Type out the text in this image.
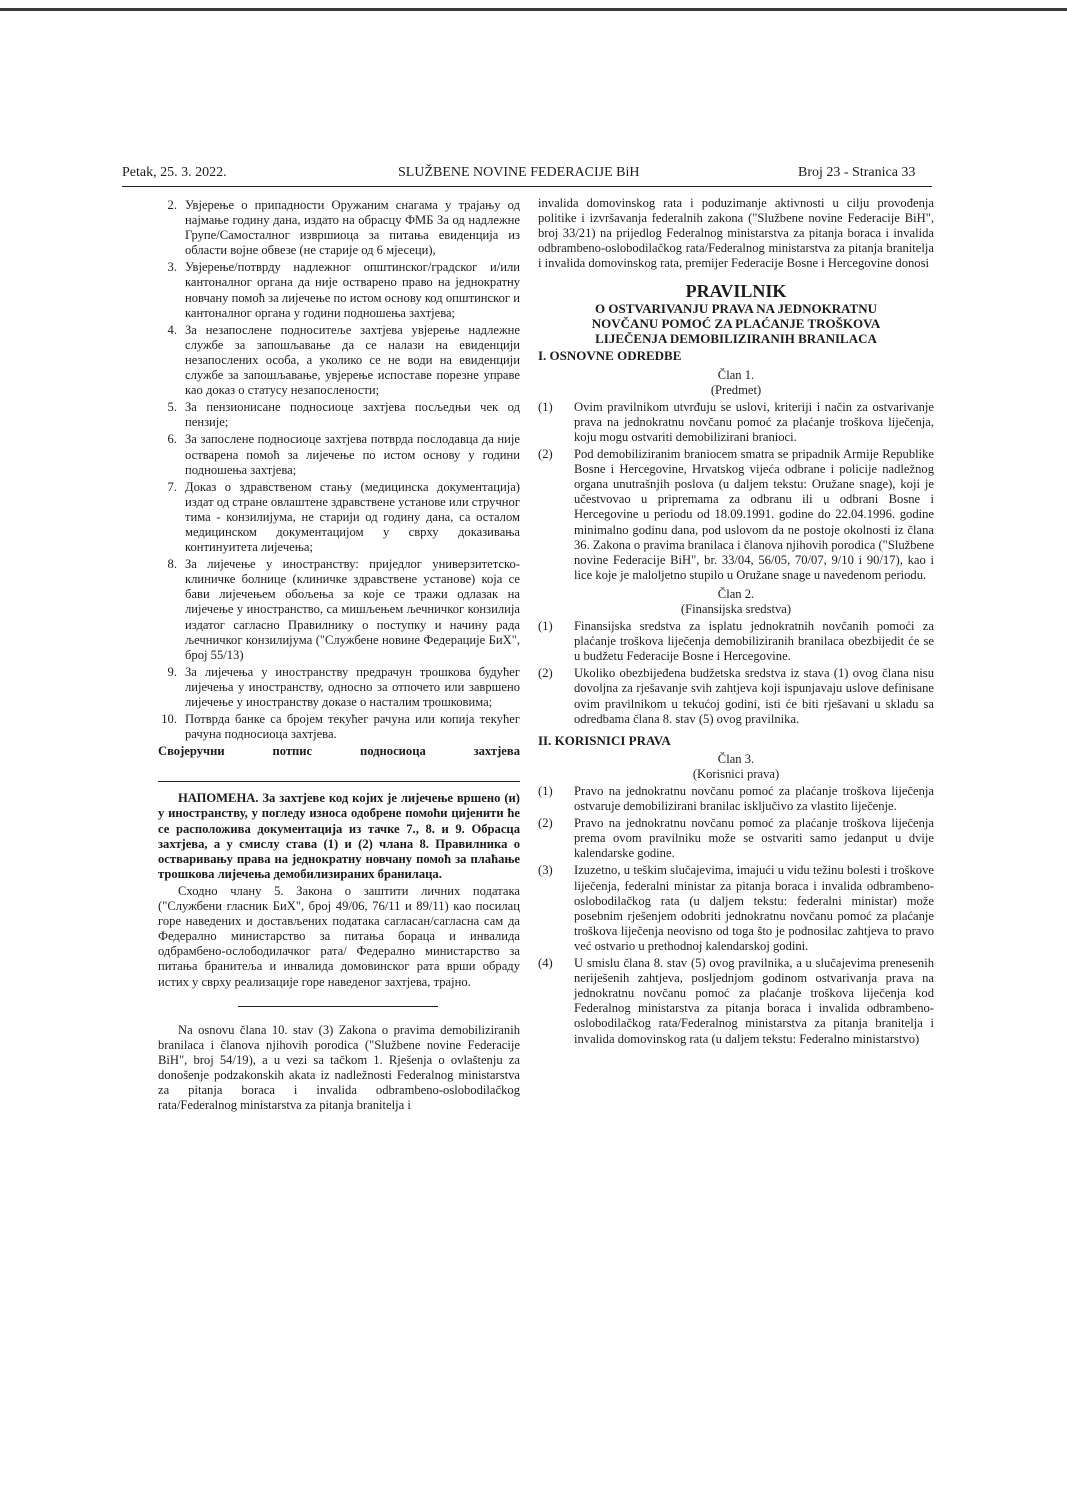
Petak, 25. 3. 2022.	SLUŽBENE NOVINE FEDERACIJE BiH	Broj 23 - Stranica 33
2. Увјерење о припадности Оружаним снагама у трајању од најмање годину дана, издато на обрасцу ФМБ За од надлежне Групе/Самосталног извршиоца за питања евиденција из области војне обвезе (не старије од 6 мјесеци),
3. Увјерење/потврду надлежног општинског/градског и/или кантоналног органа да није остварено право на једнократну новчану помоћ за лијечење по истом основу код општинског и кантоналног органа у години подношења захтјева;
4. За незапослене подноситеље захтјева увјерење надлежне службе за запошљавање да се налази на евиденцији незапослених особа, а уколико се не води на евиденцији службе за запошљавање, увјерење испоставе порезне управе као доказ о статусу незапослености;
5. За пензионисане подносиоце захтјева посљедњи чек од пензије;
6. За запослене подносиоце захтјева потврда послодавца да није остварена помоћ за лијечење по истом основу у години подношења захтјева;
7. Доказ о здравственом стању (медицинска документација) издат од стране овлаштене здравствене установе или стручног тима - конзилијума, не старији од годину дана, са осталом медицинском документацијом у сврху доказивања континуитета лијечења;
8. За лијечење у иностранству: приједлог универзитетско-клиничке болнице (клиничке здравствене установе) која се бави лијечењем обољења за које се тражи одлазак на лијечење у иностранство, са мишљењем љечничког конзилија издатог сагласно Правилнику о поступку и начину рада љечничког конзилијума ("Службене новине Федерације БиХ", број 55/13)
9. За лијечења у иностранству предрачун трошкова будућег лијечења у иностранству, односно за отпочето или завршено лијечење у иностранству доказе о насталим трошковима;
10. Потврда банке са бројем текућег рачуна или копија текућег рачуна подносиоца захтјева.
Својеручни	потпис	подносиоца	захтјева
НАПОМЕНА. За захтјеве код којих је лијечење вршено (и) у иностранству, у погледу износа одобрене помоћи цијенити ће се расположива документација из тачке 7., 8. и 9. Обрасца захтјева, а у смислу става (1) и (2) члана 8. Правилника о остваривању права на једнократну новчану помоћ за плаћање трошкова лијечења демобилизираних бранилаца.
Сходно члану 5. Закона о заштити личних података ("Службени гласник БиХ", број 49/06, 76/11 и 89/11) као посилац горе наведених и достављених података сагласан/сагласна сам да Федерално министарство за питања бораца и инвалида одбрамбено-ослободилачког рата/ Федерално министарство за питања бранитеља и инвалида домовинског рата врши обраду истих у сврху реализације горе наведеног захтјева, трајно.
Na osnovu člana 10. stav (3) Zakona o pravima demobiliziranih branilaca i članova njihovih porodica ("Službene novine Federacije BiH", broj 54/19), a u vezi sa tačkom 1. Rješenja o ovlaštenju za donošenje podzakonskih akata iz nadležnosti Federalnog ministarstva za pitanja boraca i invalida odbrambeno-oslobodilačkog rata/Federalnog ministarstva za pitanja branitelja i
invalida domovinskog rata i poduzimanje aktivnosti u cilju provođenja politike i izvršavanja federalnih zakona ("Službene novine Federacije BiH", broj 33/21) na prijedlog Federalnog ministarstva za pitanja boraca i invalida odbrambeno-oslobodilačkog rata/Federalnog ministarstva za pitanja branitelja i invalida domovinskog rata, premijer Federacije Bosne i Hercegovine donosi
PRAVILNIK
O OSTVARIVANJU PRAVA NA JEDNOKRATNU
NOVČANU POMOĆ ZA PLAĆANJE TROŠKOVA
LIJEČENJA DEMOBILIZIRANIH BRANILACA
I. OSNOVNE ODREDBE
Član 1.
(Predmet)
(1)	Ovim pravilnikom utvrđuju se uslovi, kriteriji i način za ostvarivanje prava na jednokratnu novčanu pomoć za plaćanje troškova liječenja, koju mogu ostvariti demobilizirani branioci.
(2)	Pod demobiliziranim braniocem smatra se pripadnik Armije Republike Bosne i Hercegovine, Hrvatskog vijeća odbrane i policije nadležnog organa unutrašnjih poslova (u daljem tekstu: Oružane snage), koji je učestvovao u pripremama za odbranu ili u odbrani Bosne i Hercegovine u periodu od 18.09.1991. godine do 22.04.1996. godine minimalno godinu dana, pod uslovom da ne postoje okolnosti iz člana 36. Zakona o pravima branilaca i članova njihovih porodica ("Službene novine Federacije BiH", br. 33/04, 56/05, 70/07, 9/10 i 90/17), kao i lice koje je maloljetno stupilo u Oružane snage u navedenom periodu.
Član 2.
(Finansijska sredstva)
(1)	Finansijska sredstva za isplatu jednokratnih novčanih pomoći za plaćanje troškova liječenja demobiliziranih branilaca obezbijedit će se u budžetu Federacije Bosne i Hercegovine.
(2)	Ukoliko obezbijeđena budžetska sredstva iz stava (1) ovog člana nisu dovoljna za rješavanje svih zahtjeva koji ispunjavaju uslove definisane ovim pravilnikom u tekućoj godini, isti će biti rješavani u skladu sa odredbama člana 8. stav (5) ovog pravilnika.
II. KORISNICI PRAVA
Član 3.
(Korisnici prava)
(1)	Pravo na jednokratnu novčanu pomoć za plaćanje troškova liječenja ostvaruje demobilizirani branilac isključivo za vlastito liječenje.
(2)	Pravo na jednokratnu novčanu pomoć za plaćanje troškova liječenja prema ovom pravilniku može se ostvariti samo jedanput u dvije kalendarske godine.
(3)	Izuzetno, u teškim slučajevima, imajući u vidu težinu bolesti i troškove liječenja, federalni ministar za pitanja boraca i invalida odbrambeno-oslobodilačkog rata (u daljem tekstu: federalni ministar) može posebnim rješenjem odobriti jednokratnu novčanu pomoć za plaćanje troškova liječenja neovisno od toga što je podnosilac zahtjeva to pravo već ostvario u prethodnoj kalendarskoj godini.
(4)	U smislu člana 8. stav (5) ovog pravilnika, a u slučajevima prenesenih neriješenih zahtjeva, posljednjom godinom ostvarivanja prava na jednokratnu novčanu pomoć za plaćanje troškova liječenja kod Federalnog ministarstva za pitanja boraca i invalida odbrambeno-oslobodilačkog rata/Federalnog ministarstva za pitanja branitelja i invalida domovinskog rata (u daljem tekstu: Federalno ministarstvo)
